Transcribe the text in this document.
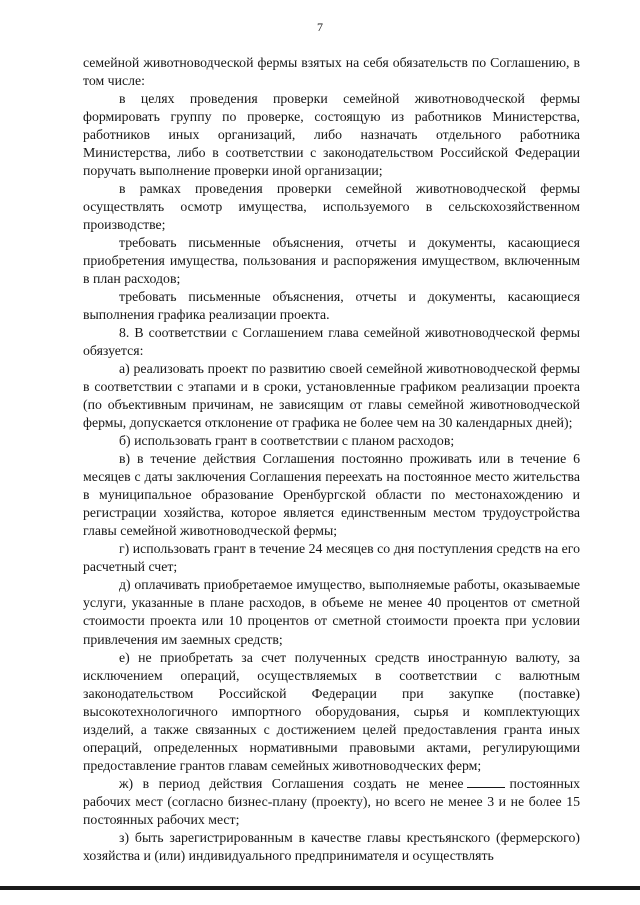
7

семейной животноводческой фермы взятых на себя обязательств по Соглашению, в том числе:

в целях проведения проверки семейной животноводческой фермы формировать группу по проверке, состоящую из работников Министерства, работников иных организаций, либо назначать отдельного работника Министерства, либо в соответствии с законодательством Российской Федерации поручать выполнение проверки иной организации;

в рамках проведения проверки семейной животноводческой фермы осуществлять осмотр имущества, используемого в сельскохозяйственном производстве;

требовать письменные объяснения, отчеты и документы, касающиеся приобретения имущества, пользования и распоряжения имуществом, включенным в план расходов;

требовать письменные объяснения, отчеты и документы, касающиеся выполнения графика реализации проекта.

8. В соответствии с Соглашением глава семейной животноводческой фермы обязуется:

а) реализовать проект по развитию своей семейной животноводческой фермы в соответствии с этапами и в сроки, установленные графиком реализации проекта (по объективным причинам, не зависящим от главы семейной животноводческой фермы, допускается отклонение от графика не более чем на 30 календарных дней);

б) использовать грант в соответствии с планом расходов;

в) в течение действия Соглашения постоянно проживать или в течение 6 месяцев с даты заключения Соглашения переехать на постоянное место жительства в муниципальное образование Оренбургской области по местонахождению и регистрации хозяйства, которое является единственным местом трудоустройства главы семейной животноводческой фермы;

г) использовать грант в течение 24 месяцев со дня поступления средств на его расчетный счет;

д) оплачивать приобретаемое имущество, выполняемые работы, оказываемые услуги, указанные в плане расходов, в объеме не менее 40 процентов от сметной стоимости проекта или 10 процентов от сметной стоимости проекта при условии привлечения им заемных средств;

е) не приобретать за счет полученных средств иностранную валюту, за исключением операций, осуществляемых в соответствии с валютным законодательством Российской Федерации при закупке (поставке) высокотехнологичного импортного оборудования, сырья и комплектующих изделий, а также связанных с достижением целей предоставления гранта иных операций, определенных нормативными правовыми актами, регулирующими предоставление грантов главам семейных животноводческих ферм;

ж) в период действия Соглашения создать не менее	постоянных рабочих мест (согласно бизнес-плану (проекту), но всего не менее 3 и не более 15 постоянных рабочих мест;

з) быть зарегистрированным в качестве главы крестьянского (фермерского) хозяйства и (или) индивидуального предпринимателя и осуществлять
